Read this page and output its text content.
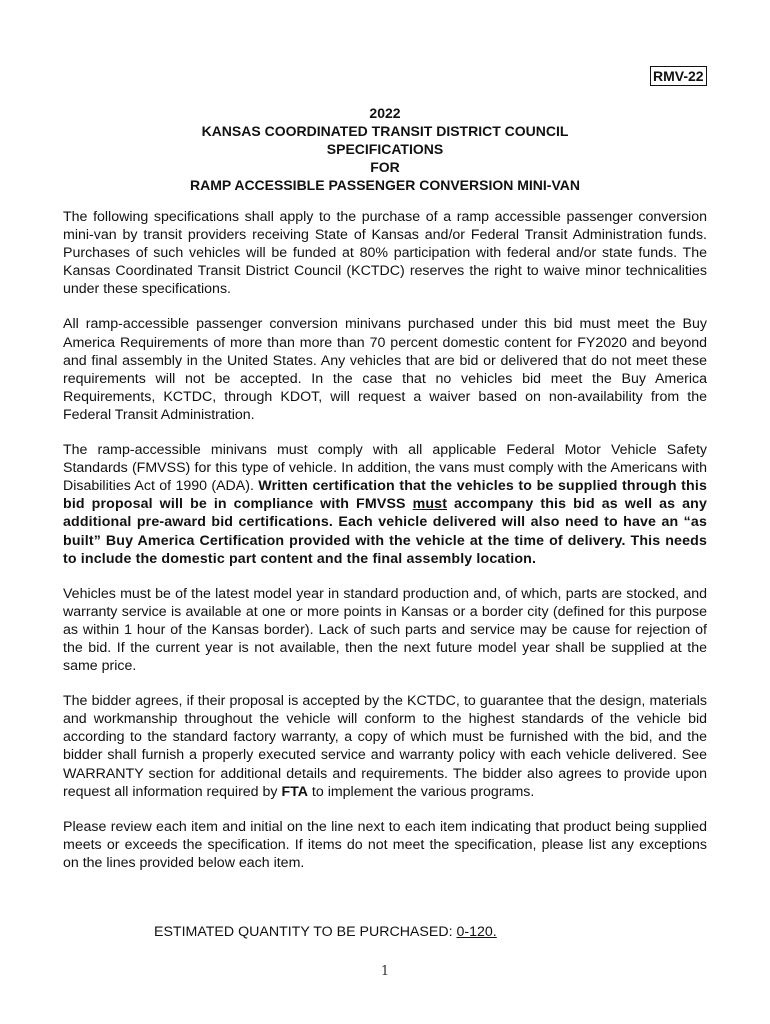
RMV-22
2022
KANSAS COORDINATED TRANSIT DISTRICT COUNCIL
SPECIFICATIONS
FOR
RAMP ACCESSIBLE PASSENGER CONVERSION MINI-VAN

The following specifications shall apply to the purchase of a ramp accessible passenger conversion mini-van by transit providers receiving State of Kansas and/or Federal Transit Administration funds. Purchases of such vehicles will be funded at 80% participation with federal and/or state funds. The Kansas Coordinated Transit District Council (KCTDC) reserves the right to waive minor technicalities under these specifications.

All ramp-accessible passenger conversion minivans purchased under this bid must meet the Buy America Requirements of more than more than 70 percent domestic content for FY2020 and beyond and final assembly in the United States. Any vehicles that are bid or delivered that do not meet these requirements will not be accepted. In the case that no vehicles bid meet the Buy America Requirements, KCTDC, through KDOT, will request a waiver based on non-availability from the Federal Transit Administration.

The ramp-accessible minivans must comply with all applicable Federal Motor Vehicle Safety Standards (FMVSS) for this type of vehicle. In addition, the vans must comply with the Americans with Disabilities Act of 1990 (ADA). Written certification that the vehicles to be supplied through this bid proposal will be in compliance with FMVSS must accompany this bid as well as any additional pre-award bid certifications. Each vehicle delivered will also need to have an “as built” Buy America Certification provided with the vehicle at the time of delivery. This needs to include the domestic part content and the final assembly location.

Vehicles must be of the latest model year in standard production and, of which, parts are stocked, and warranty service is available at one or more points in Kansas or a border city (defined for this purpose as within 1 hour of the Kansas border). Lack of such parts and service may be cause for rejection of the bid. If the current year is not available, then the next future model year shall be supplied at the same price.

The bidder agrees, if their proposal is accepted by the KCTDC, to guarantee that the design, materials and workmanship throughout the vehicle will conform to the highest standards of the vehicle bid according to the standard factory warranty, a copy of which must be furnished with the bid, and the bidder shall furnish a properly executed service and warranty policy with each vehicle delivered. See WARRANTY section for additional details and requirements. The bidder also agrees to provide upon request all information required by FTA to implement the various programs.

Please review each item and initial on the line next to each item indicating that product being supplied meets or exceeds the specification. If items do not meet the specification, please list any exceptions on the lines provided below each item.

ESTIMATED QUANTITY TO BE PURCHASED: 0-120.
1
